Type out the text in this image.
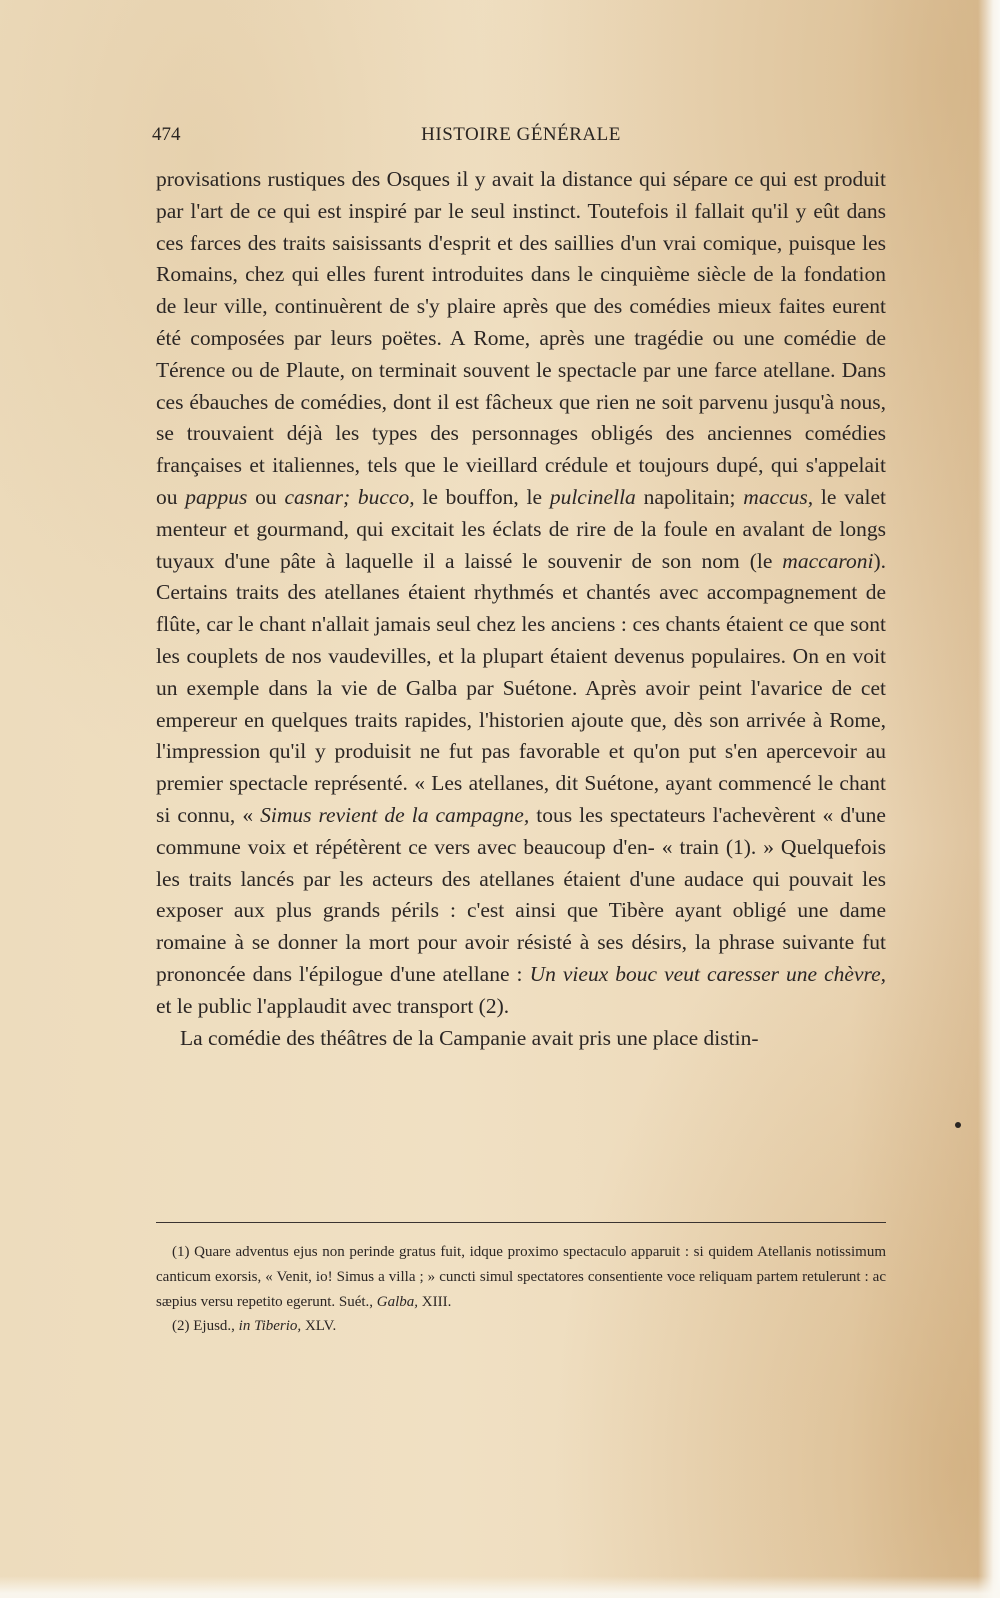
474	HISTOIRE GÉNÉRALE

provisations rustiques des Osques il y avait la distance qui sépare ce qui est produit par l'art de ce qui est inspiré par le seul instinct. Toutefois il fallait qu'il y eût dans ces farces des traits saisissants d'esprit et des saillies d'un vrai comique, puisque les Romains, chez qui elles furent introduites dans le cinquième siècle de la fondation de leur ville, continuèrent de s'y plaire après que des comédies mieux faites eurent été composées par leurs poëtes. A Rome, après une tragédie ou une comédie de Térence ou de Plaute, on terminait souvent le spectacle par une farce atellane. Dans ces ébauches de comédies, dont il est fâcheux que rien ne soit parvenu jusqu'à nous, se trouvaient déjà les types des personnages obligés des anciennes comédies françaises et italiennes, tels que le vieillard crédule et toujours dupé, qui s'appelait ou pappus ou casnar; bucco, le bouffon, le pulcinella napolitain; maccus, le valet menteur et gourmand, qui excitait les éclats de rire de la foule en avalant de longs tuyaux d'une pâte à laquelle il a laissé le souvenir de son nom (le maccaroni). Certains traits des atellanes étaient rhythmés et chantés avec accompagnement de flûte, car le chant n'allait jamais seul chez les anciens : ces chants étaient ce que sont les couplets de nos vaudevilles, et la plupart étaient devenus populaires. On en voit un exemple dans la vie de Galba par Suétone. Après avoir peint l'avarice de cet empereur en quelques traits rapides, l'historien ajoute que, dès son arrivée à Rome, l'impression qu'il y produisit ne fut pas favorable et qu'on put s'en apercevoir au premier spectacle représenté. « Les atellanes, dit Suétone, ayant commencé le chant si connu, « Simus revient de la campagne, tous les spectateurs l'achevèrent « d'une commune voix et répétèrent ce vers avec beaucoup d'en- « train (1). » Quelquefois les traits lancés par les acteurs des atellanes étaient d'une audace qui pouvait les exposer aux plus grands périls : c'est ainsi que Tibère ayant obligé une dame romaine à se donner la mort pour avoir résisté à ses désirs, la phrase suivante fut prononcée dans l'épilogue d'une atellane : Un vieux bouc veut caresser une chèvre, et le public l'applaudit avec transport (2).

La comédie des théâtres de la Campanie avait pris une place distin-

(1) Quare adventus ejus non perinde gratus fuit, idque proximo spectaculo apparuit : si quidem Atellanis notissimum canticum exorsis, « Venit, io! Simus a villa ; » cuncti simul spectatores consentiente voce reliquam partem retulerunt : ac sæpius versu repetito egerunt. Suét., Galba, XIII.

(2) Ejusd., in Tiberio, XLV.
